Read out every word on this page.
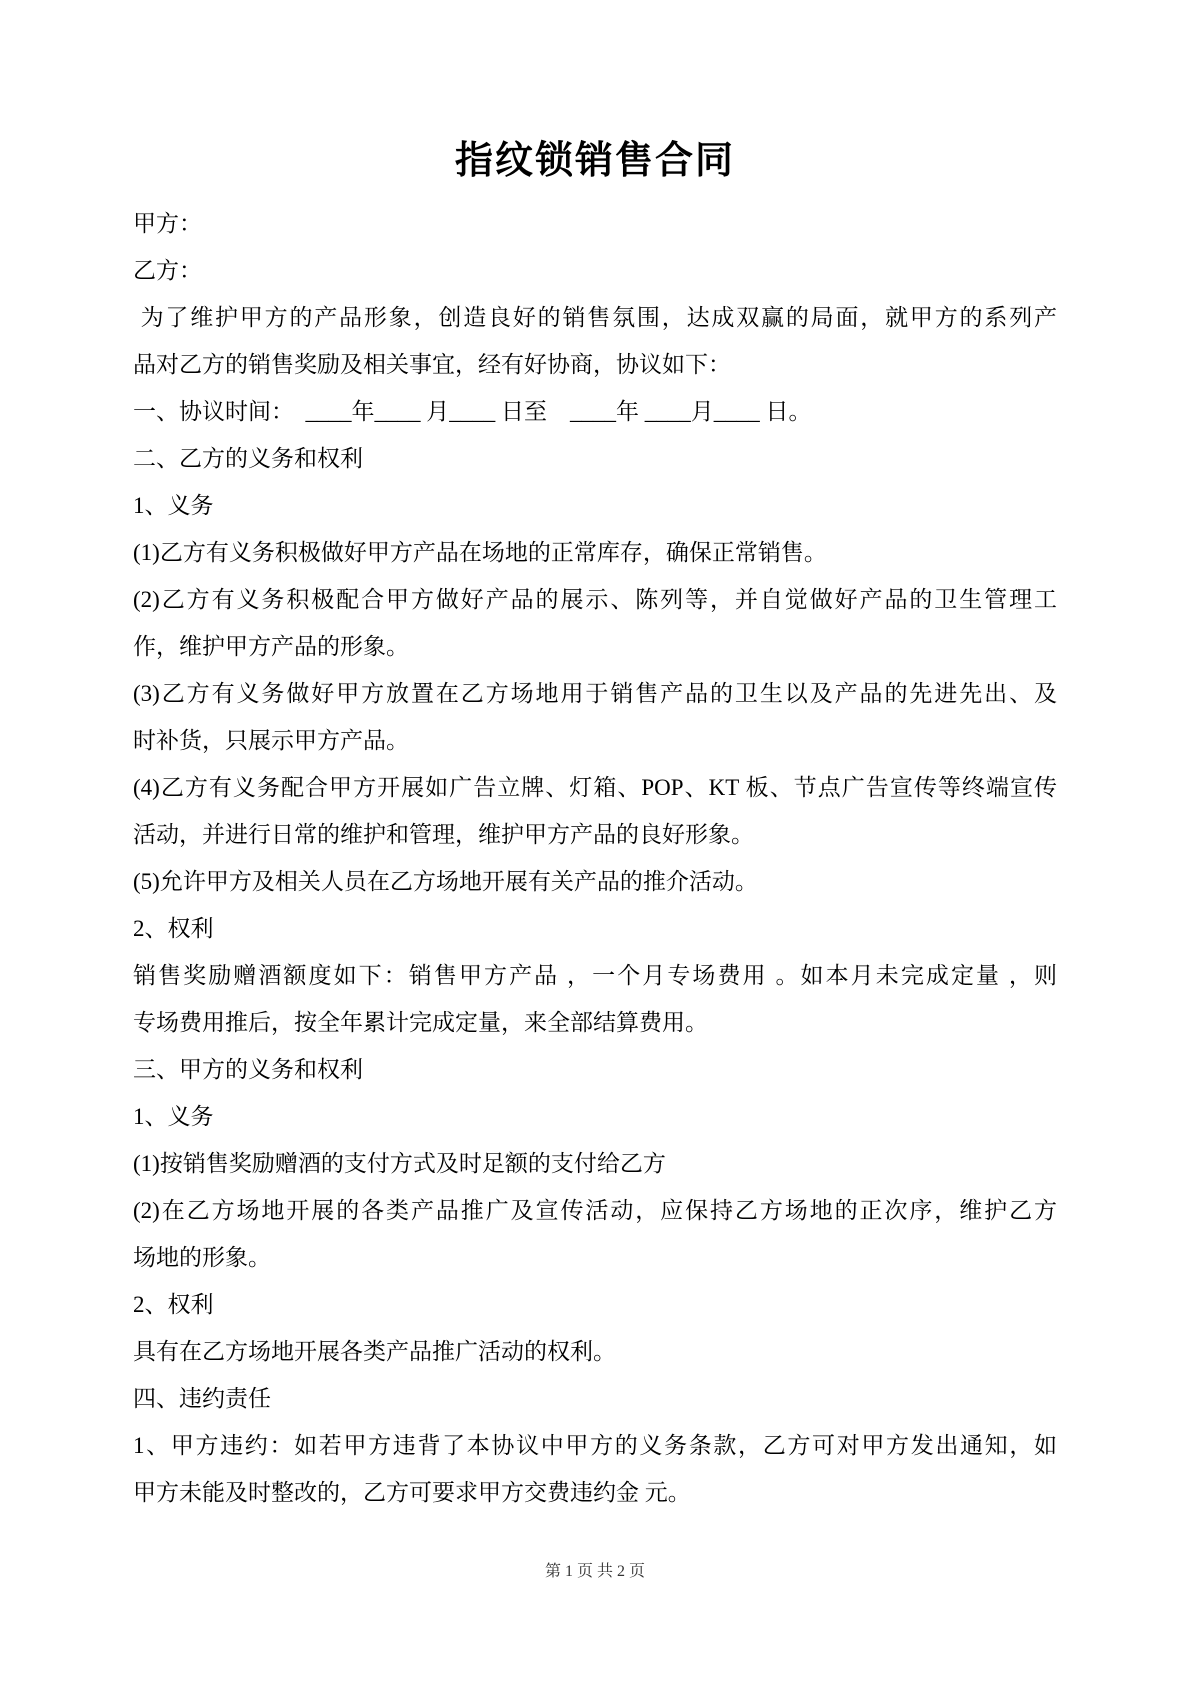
指纹锁销售合同
甲方：
乙方：
为了维护甲方的产品形象，创造良好的销售氛围，达成双赢的局面，就甲方的系列产
品对乙方的销售奖励及相关事宜，经有好协商，协议如下：
一、协议时间：　____年____ 月____ 日至　____年 ____月____ 日。
二、乙方的义务和权利
1、义务
(1)乙方有义务积极做好甲方产品在场地的正常库存，确保正常销售。
(2)乙方有义务积极配合甲方做好产品的展示、陈列等，并自觉做好产品的卫生管理工
作，维护甲方产品的形象。
(3)乙方有义务做好甲方放置在乙方场地用于销售产品的卫生以及产品的先进先出、及
时补货，只展示甲方产品。
(4)乙方有义务配合甲方开展如广告立牌、灯箱、POP、KT 板、节点广告宣传等终端宣传
活动，并进行日常的维护和管理，维护甲方产品的良好形象。
(5)允许甲方及相关人员在乙方场地开展有关产品的推介活动。
2、权利
销售奖励赠酒额度如下：销售甲方产品 ，一个月专场费用 。如本月未完成定量 ，则
专场费用推后，按全年累计完成定量，来全部结算费用。
三、甲方的义务和权利
1、义务
(1)按销售奖励赠酒的支付方式及时足额的支付给乙方
(2)在乙方场地开展的各类产品推广及宣传活动，应保持乙方场地的正次序，维护乙方
场地的形象。
2、权利
具有在乙方场地开展各类产品推广活动的权利。
四、违约责任
1、甲方违约：如若甲方违背了本协议中甲方的义务条款，乙方可对甲方发出通知，如
甲方未能及时整改的，乙方可要求甲方交费违约金 元。
第 1 页 共 2 页
